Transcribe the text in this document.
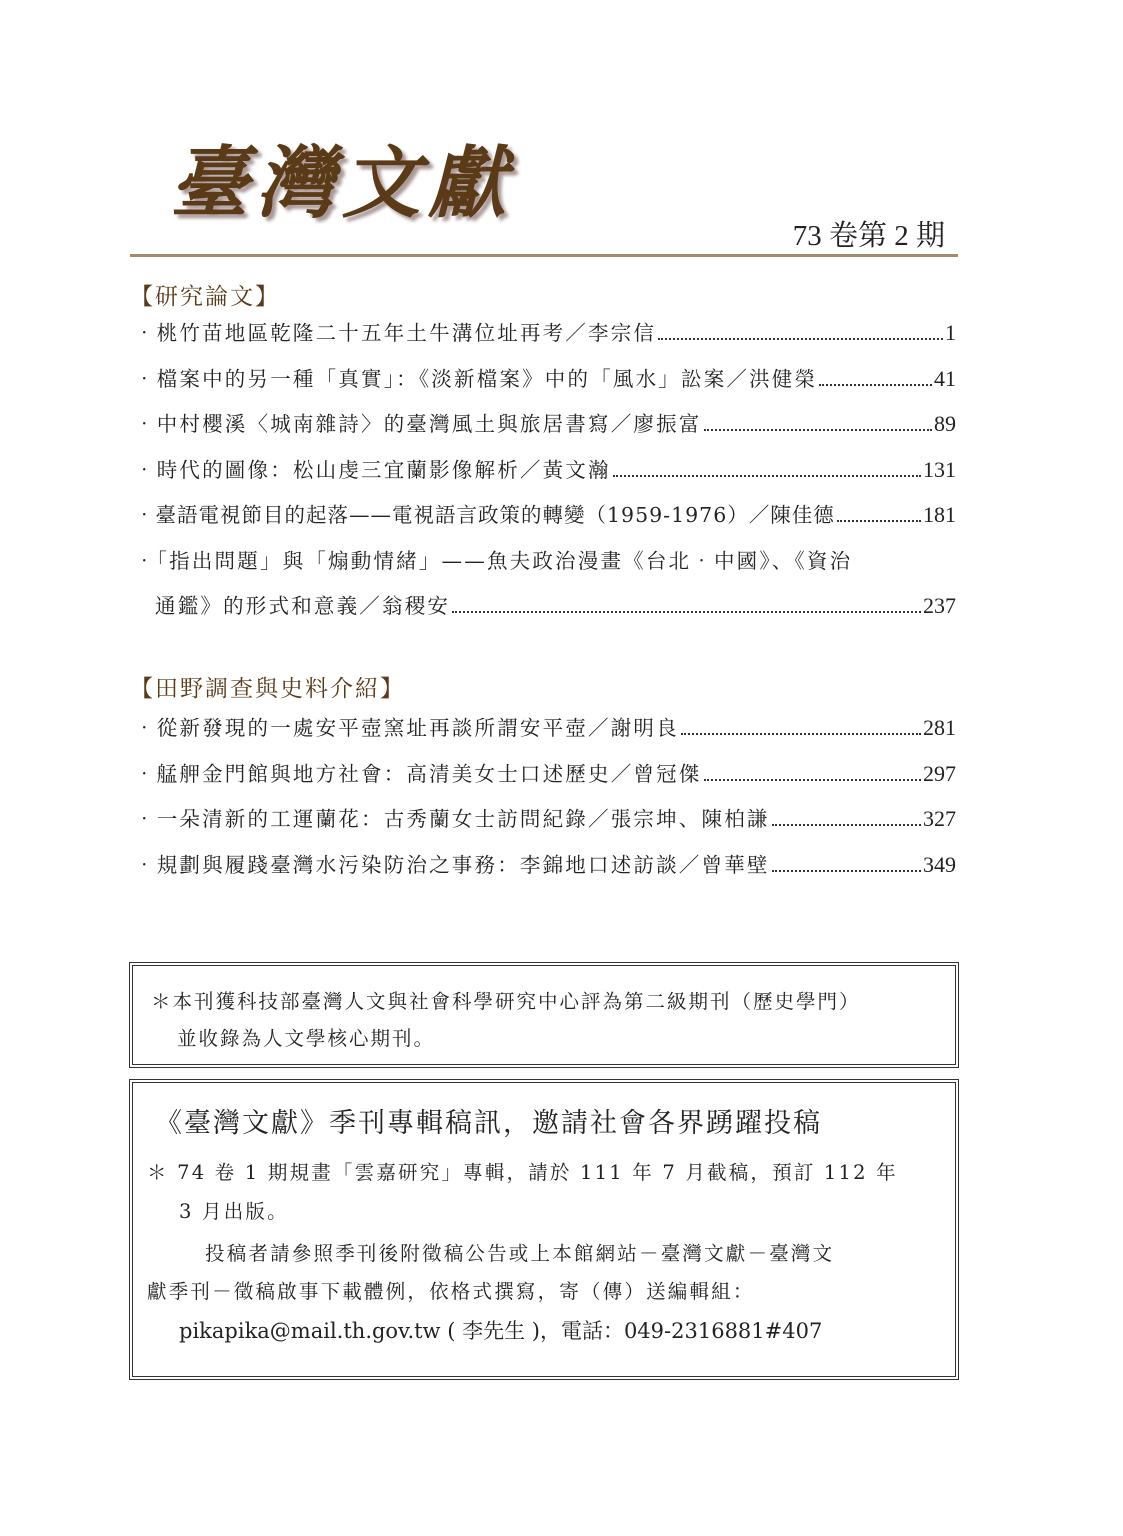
臺灣文獻
73 卷第 2 期
【研究論文】
‧桃竹苗地區乾隆二十五年土牛溝位址再考／李宗信	1
‧檔案中的另一種「真實」：《淡新檔案》中的「風水」訟案／洪健榮	41
‧中村櫻溪〈城南雜詩〉的臺灣風土與旅居書寫／廖振富	89
‧時代的圖像：松山虔三宜蘭影像解析／黃文瀚	131
‧臺語電視節目的起落——電視語言政策的轉變（1959-1976）／陳佳德	181
‧「指出問題」與「煽動情緒」——魚夫政治漫畫《台北‧中國》、《資治
通鑑》的形式和意義／翁稷安	237
【田野調查與史料介紹】
‧從新發現的一處安平壺窯址再談所謂安平壺／謝明良	281
‧艋舺金門館與地方社會：高清美女士口述歷史／曾冠傑	297
‧一朵清新的工運蘭花：古秀蘭女士訪問紀錄／張宗坤、陳柏謙	327
‧規劃與履踐臺灣水污染防治之事務：李錦地口述訪談／曾華壁	349
＊本刊獲科技部臺灣人文與社會科學研究中心評為第二級期刊（歷史學門）
並收錄為人文學核心期刊。
《臺灣文獻》季刊專輯稿訊，邀請社會各界踴躍投稿
＊ 74 卷 1 期規畫「雲嘉研究」專輯，請於 111 年 7 月截稿，預訂 112 年
3 月出版。
投稿者請參照季刊後附徵稿公告或上本館網站－臺灣文獻－臺灣文
獻季刊－徵稿啟事下載體例，依格式撰寫，寄（傳）送編輯組：
pikapika@mail.th.gov.tw ( 李先生 )，電話：049-2316881#407
